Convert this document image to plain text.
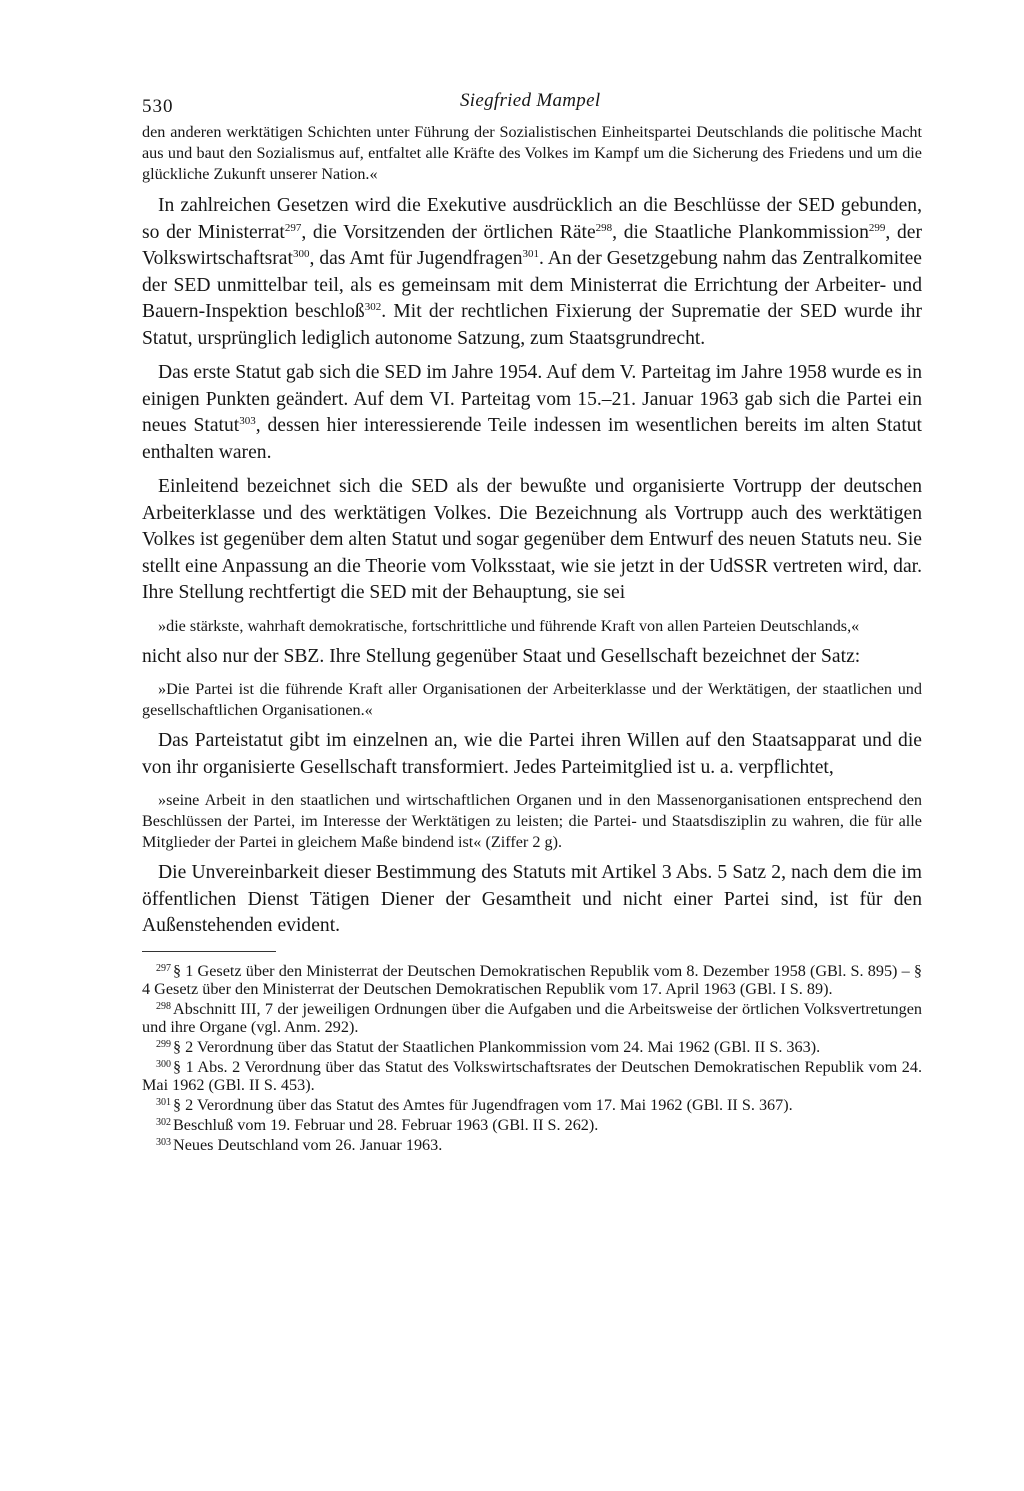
530	Siegfried Mampel

den anderen werktätigen Schichten unter Führung der Sozialistischen Einheitspartei Deutschlands die politische Macht aus und baut den Sozialismus auf, entfaltet alle Kräfte des Volkes im Kampf um die Sicherung des Friedens und um die glückliche Zukunft unserer Nation.«

In zahlreichen Gesetzen wird die Exekutive ausdrücklich an die Beschlüsse der SED gebunden, so der Ministerrat$^{297}$, die Vorsitzenden der örtlichen Räte$^{298}$, die Staatliche Plankommission$^{299}$, der Volkswirtschaftsrat$^{300}$, das Amt für Jugendfragen$^{301}$. An der Gesetzgebung nahm das Zentralkomitee der SED unmittelbar teil, als es gemeinsam mit dem Ministerrat die Errichtung der Arbeiter- und Bauern-Inspektion beschloß$^{302}$. Mit der rechtlichen Fixierung der Suprematie der SED wurde ihr Statut, ursprünglich lediglich autonome Satzung, zum Staatsgrundrecht.

Das erste Statut gab sich die SED im Jahre 1954. Auf dem V. Parteitag im Jahre 1958 wurde es in einigen Punkten geändert. Auf dem VI. Parteitag vom 15.–21. Januar 1963 gab sich die Partei ein neues Statut$^{303}$, dessen hier interessierende Teile indessen im wesentlichen bereits im alten Statut enthalten waren.

Einleitend bezeichnet sich die SED als der bewußte und organisierte Vortrupp der deutschen Arbeiterklasse und des werktätigen Volkes. Die Bezeichnung als Vortrupp auch des werktätigen Volkes ist gegenüber dem alten Statut und sogar gegenüber dem Entwurf des neuen Statuts neu. Sie stellt eine Anpassung an die Theorie vom Volksstaat, wie sie jetzt in der UdSSR vertreten wird, dar. Ihre Stellung rechtfertigt die SED mit der Behauptung, sie sei

»die stärkste, wahrhaft demokratische, fortschrittliche und führende Kraft von allen Parteien Deutschlands,«

nicht also nur der SBZ. Ihre Stellung gegenüber Staat und Gesellschaft bezeichnet der Satz:

»Die Partei ist die führende Kraft aller Organisationen der Arbeiterklasse und der Werktätigen, der staatlichen und gesellschaftlichen Organisationen.«

Das Parteistatut gibt im einzelnen an, wie die Partei ihren Willen auf den Staatsapparat und die von ihr organisierte Gesellschaft transformiert. Jedes Parteimitglied ist u. a. verpflichtet,

»seine Arbeit in den staatlichen und wirtschaftlichen Organen und in den Massenorganisationen entsprechend den Beschlüssen der Partei, im Interesse der Werktätigen zu leisten; die Partei- und Staatsdisziplin zu wahren, die für alle Mitglieder der Partei in gleichem Maße bindend ist« (Ziffer 2 g).

Die Unvereinbarkeit dieser Bestimmung des Statuts mit Artikel 3 Abs. 5 Satz 2, nach dem die im öffentlichen Dienst Tätigen Diener der Gesamtheit und nicht einer Partei sind, ist für den Außenstehenden evident.

$^{297}$ § 1 Gesetz über den Ministerrat der Deutschen Demokratischen Republik vom 8. Dezember 1958 (GBl. S. 895) – § 4 Gesetz über den Ministerrat der Deutschen Demokratischen Republik vom 17. April 1963 (GBl. I S. 89).

$^{298}$ Abschnitt III, 7 der jeweiligen Ordnungen über die Aufgaben und die Arbeitsweise der örtlichen Volksvertretungen und ihre Organe (vgl. Anm. 292).

$^{299}$ § 2 Verordnung über das Statut der Staatlichen Plankommission vom 24. Mai 1962 (GBl. II S. 363).

$^{300}$ § 1 Abs. 2 Verordnung über das Statut des Volkswirtschaftsrates der Deutschen Demokratischen Republik vom 24. Mai 1962 (GBl. II S. 453).

$^{301}$ § 2 Verordnung über das Statut des Amtes für Jugendfragen vom 17. Mai 1962 (GBl. II S. 367).

$^{302}$ Beschluß vom 19. Februar und 28. Februar 1963 (GBl. II S. 262).

$^{303}$ Neues Deutschland vom 26. Januar 1963.
